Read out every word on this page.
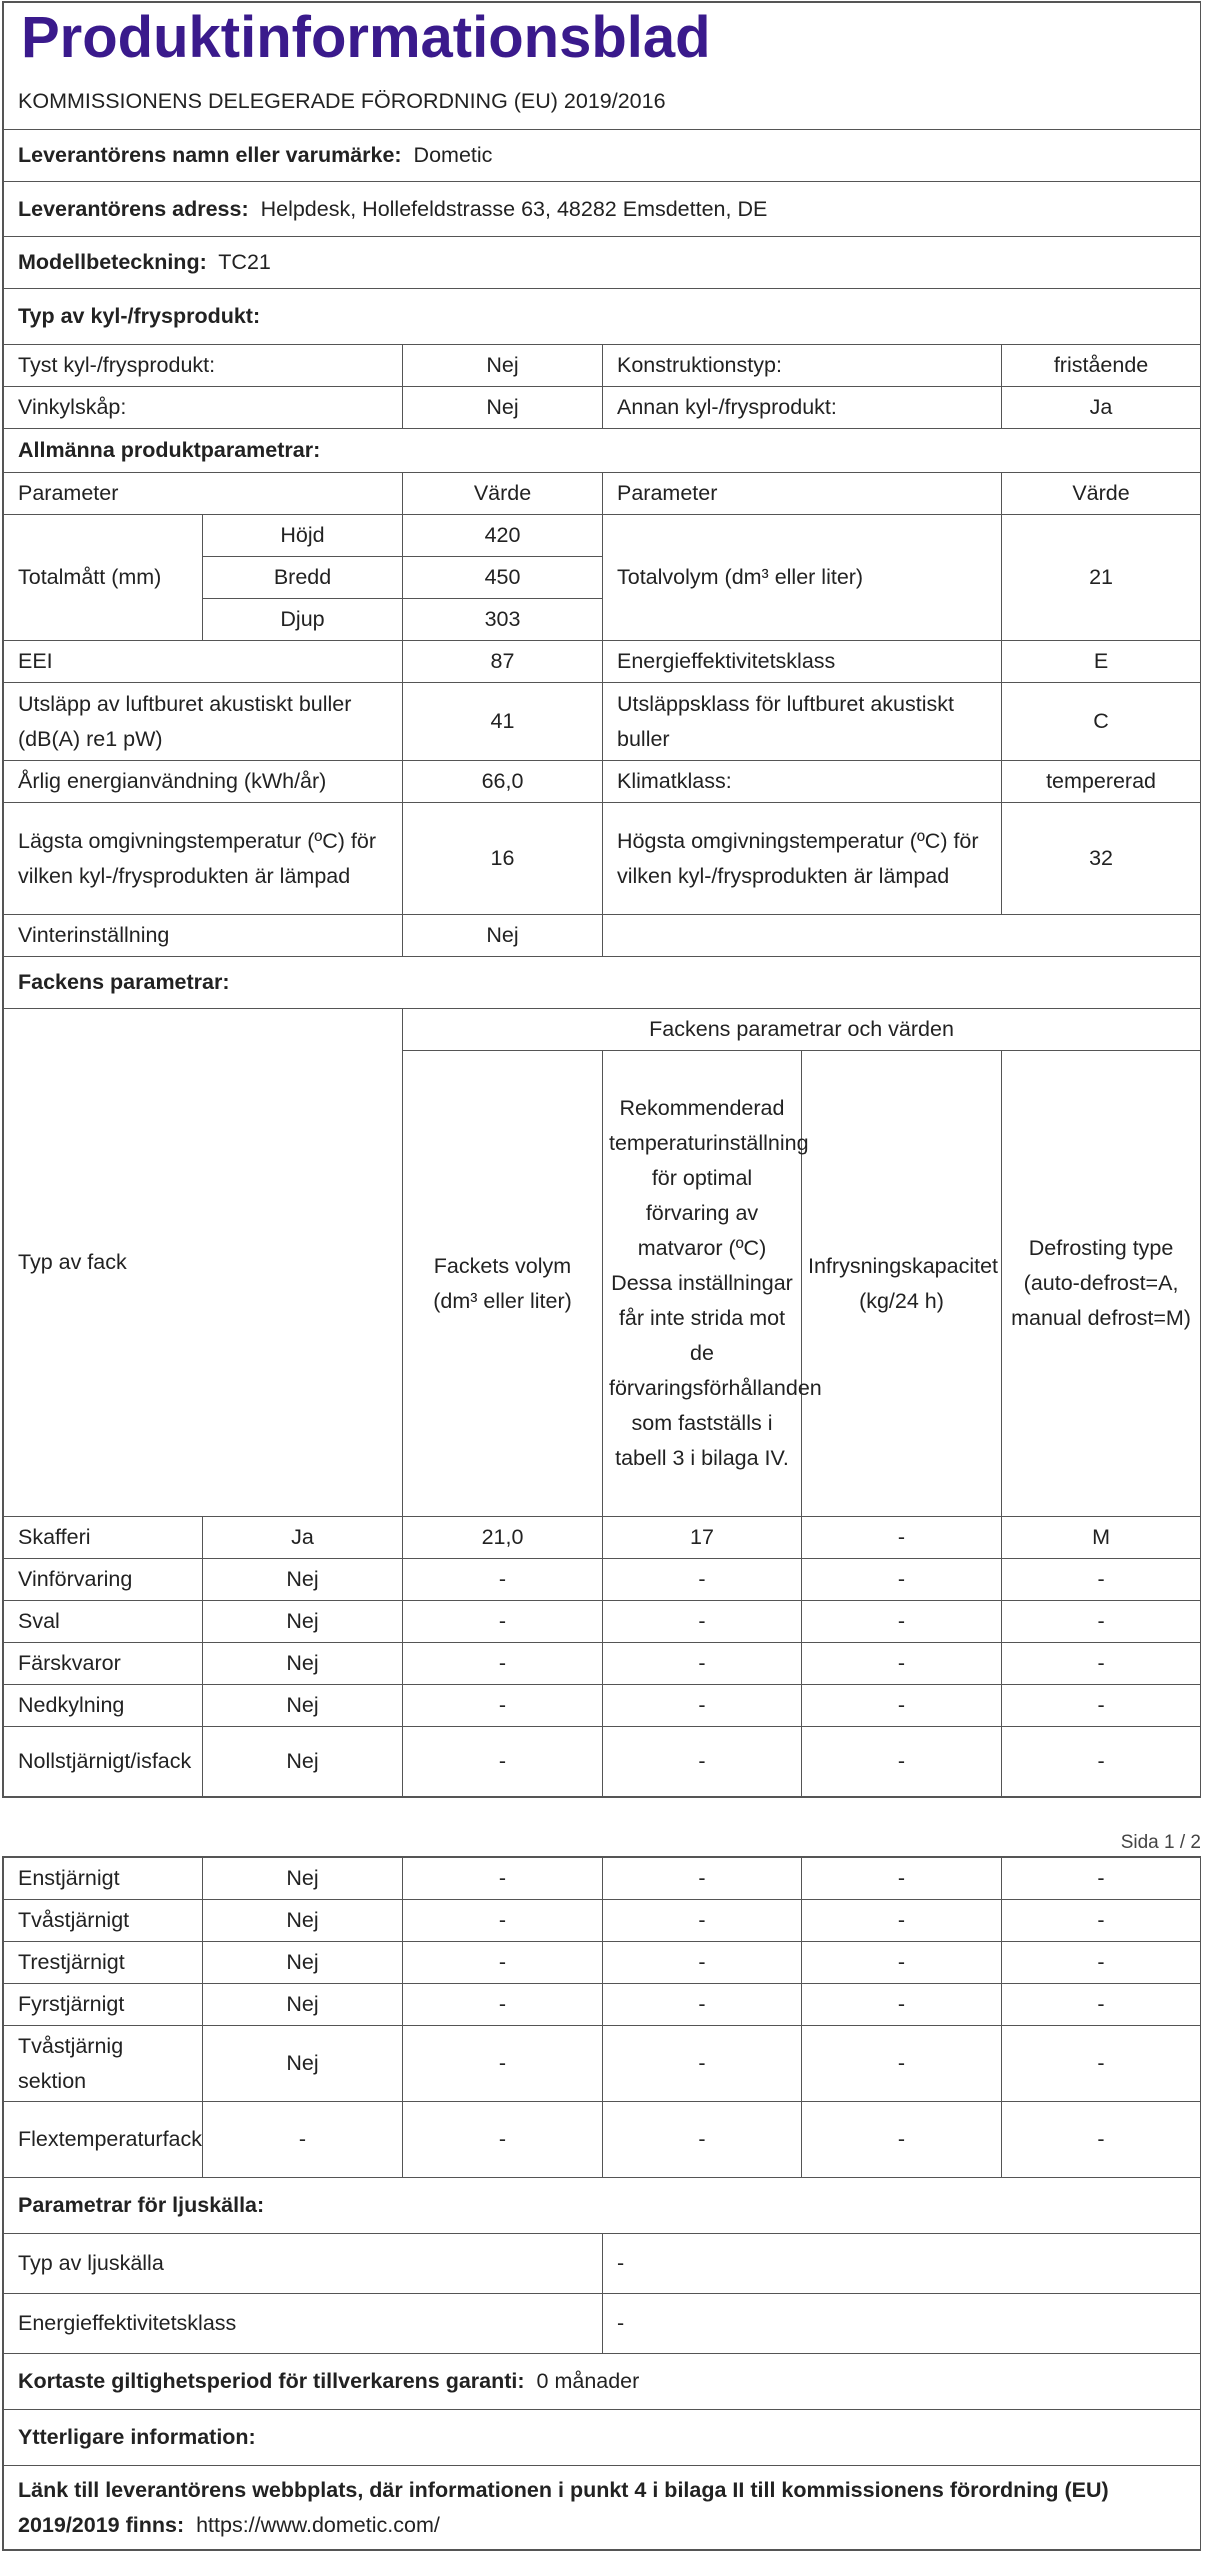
Produktinformationsblad					
KOMMISSIONENS DELEGERADE FÖRORDNING (EU) 2019/2016					
Leverantörens namn eller varumärke: Dometic					
Leverantörens adress: Helpdesk, Hollefeldstrasse 63, 48282 Emsdetten, DE					
Modellbeteckning: TC21					
Typ av kyl-/frysprodukt:					
Tyst kyl-/frysprodukt:		Nej	Konstruktionstyp:		fristående
Vinkylskåp:		Nej	Annan kyl-/frysprodukt:		Ja
Allmänna produktparametrar:					
Parameter		Värde	Parameter		Värde
Totalmått (mm)	Höjd	420	Totalvolym (dm³ eller liter)		21
	Bredd	450			
	Djup	303			
EEI		87	Energieffektivitetsklass		E
Utsläpp av luftburet akustiskt buller (dB(A) re1 pW)		41	Utsläppsklass för luftburet akustiskt buller		C
Årlig energianvändning (kWh/år)		66,0	Klimatklass:		tempererad
Lägsta omgivningstemperatur (ºC) för vilken kyl-/frysprodukten är lämpad		16	Högsta omgivningstemperatur (ºC) för vilken kyl-/frysprodukten är lämpad		32
Vinterinställning		Nej			
Fackens parametrar:					
Typ av fack		Fackens parametrar och värden			
		Fackets volym (dm³ eller liter)	Rekommenderad temperaturinställning för optimal förvaring av matvaror (ºC) Dessa inställningar får inte strida mot de förvaringsförhållanden som fastställs i tabell 3 i bilaga IV.	Infrysningskapacitet (kg/24 h)	Defrosting type (auto-defrost=A, manual defrost=M)
Skafferi	Ja	21,0	17	-	M
Vinförvaring	Nej	-	-	-	-
Sval	Nej	-	-	-	-
Färskvaror	Nej	-	-	-	-
Nedkylning	Nej	-	-	-	-
Nollstjärnigt/isfack	Nej	-	-	-	-
Sida 1 / 2
Enstjärnigt	Nej	-	-	-	-
Tvåstjärnigt	Nej	-	-	-	-
Trestjärnigt	Nej	-	-	-	-
Fyrstjärnigt	Nej	-	-	-	-
Tvåstjärnig sektion	Nej	-	-	-	-
Flextemperaturfack	-	-	-	-	-
Parametrar för ljuskälla:					
Typ av ljuskälla			-		
Energieffektivitetsklass			-		
Kortaste giltighetsperiod för tillverkarens garanti: 0 månader					
Ytterligare information:					
Länk till leverantörens webbplats, där informationen i punkt 4 i bilaga II till kommissionens förordning (EU) 2019/2019 finns: https://www.dometic.com/					
